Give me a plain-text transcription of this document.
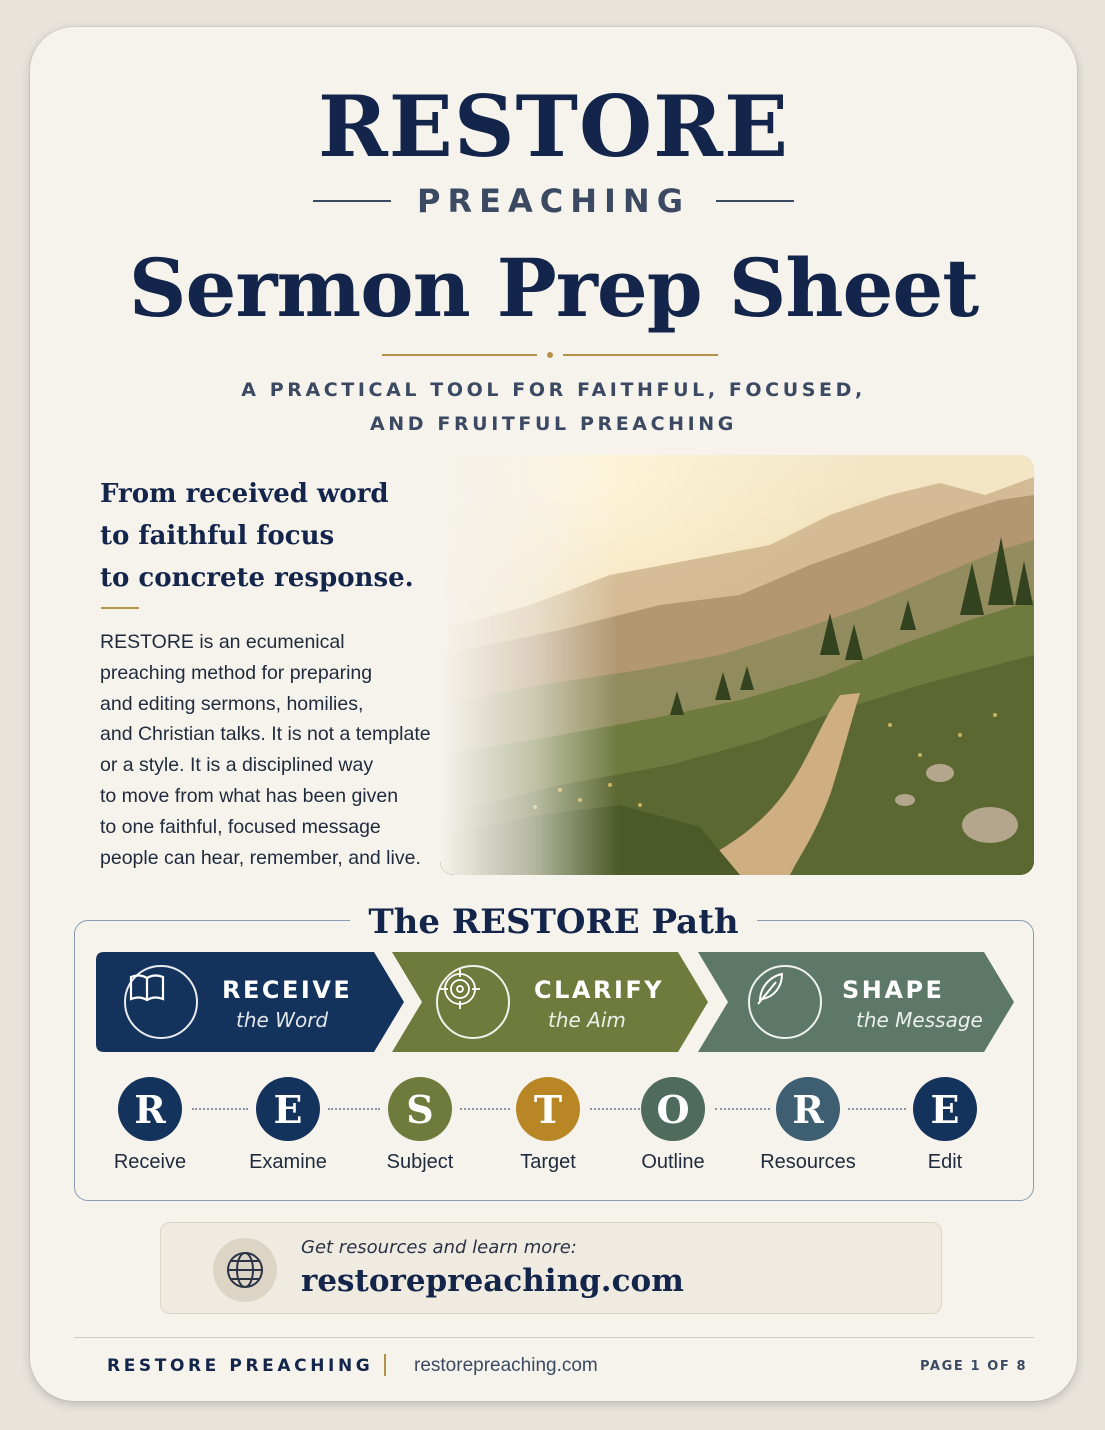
RESTORE
PREACHING
Sermon Prep Sheet
A PRACTICAL TOOL FOR FAITHFUL, FOCUSED,
AND FRUITFUL PREACHING
From received word
to faithful focus
to concrete response.
RESTORE is an ecumenical
preaching method for preparing
and editing sermons, homilies,
and Christian talks. It is not a template
or a style. It is a disciplined way
to move from what has been given
to one faithful, focused message
people can hear, remember, and live.
The RESTORE Path
RECEIVE
the Word
CLARIFY
the Aim
SHAPE
the Message
R
Receive
E
Examine
S
Subject
T
Target
O
Outline
R
Resources
E
Edit
Get resources and learn more:
restorepreaching.com
RESTORE PREACHING restorepreaching.com	PAGE 1 OF 8
